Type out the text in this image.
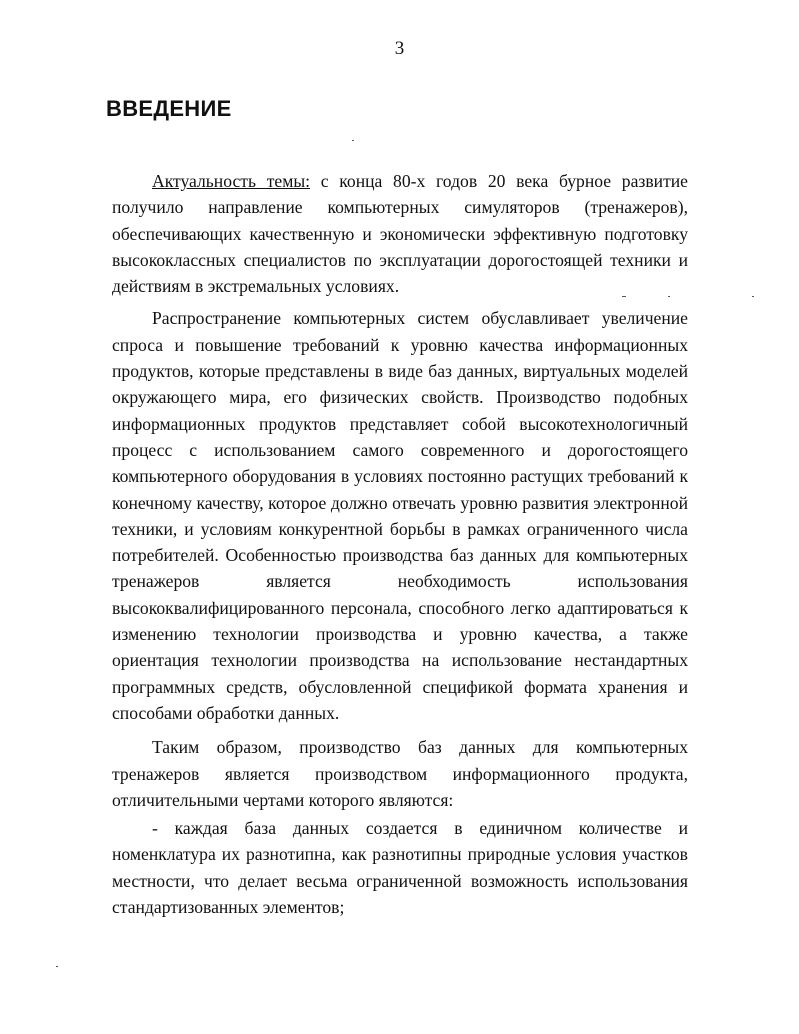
3
ВВЕДЕНИЕ

Актуальность темы: с конца 80-х годов 20 века бурное развитие получило направление компьютерных симуляторов (тренажеров), обеспечивающих качественную и экономически эффективную подготовку высококлассных специалистов по эксплуатации дорогостоящей техники и действиям в экстремальных условиях.

Распространение компьютерных систем обуславливает увеличение спроса и повышение требований к уровню качества информационных продуктов, которые представлены в виде баз данных, виртуальных моделей окружающего мира, его физических свойств. Производство подобных информационных продуктов представляет собой высокотехнологичный процесс с использованием самого современного и дорогостоящего компьютерного оборудования в условиях постоянно растущих требований к конечному качеству, которое должно отвечать уровню развития электронной техники, и условиям конкурентной борьбы в рамках ограниченного числа потребителей. Особенностью производства баз данных для компьютерных тренажеров является необходимость использования высококвалифицированного персонала, способного легко адаптироваться к изменению технологии производства и уровню качества, а также ориентация технологии производства на использование нестандартных программных средств, обусловленной спецификой формата хранения и способами обработки данных.

Таким образом, производство баз данных для компьютерных тренажеров является производством информационного продукта, отличительными чертами которого являются:

- каждая база данных создается в единичном количестве и номенклатура их разнотипна, как разнотипны природные условия участков местности, что делает весьма ограниченной возможность использования стандартизованных элементов;
